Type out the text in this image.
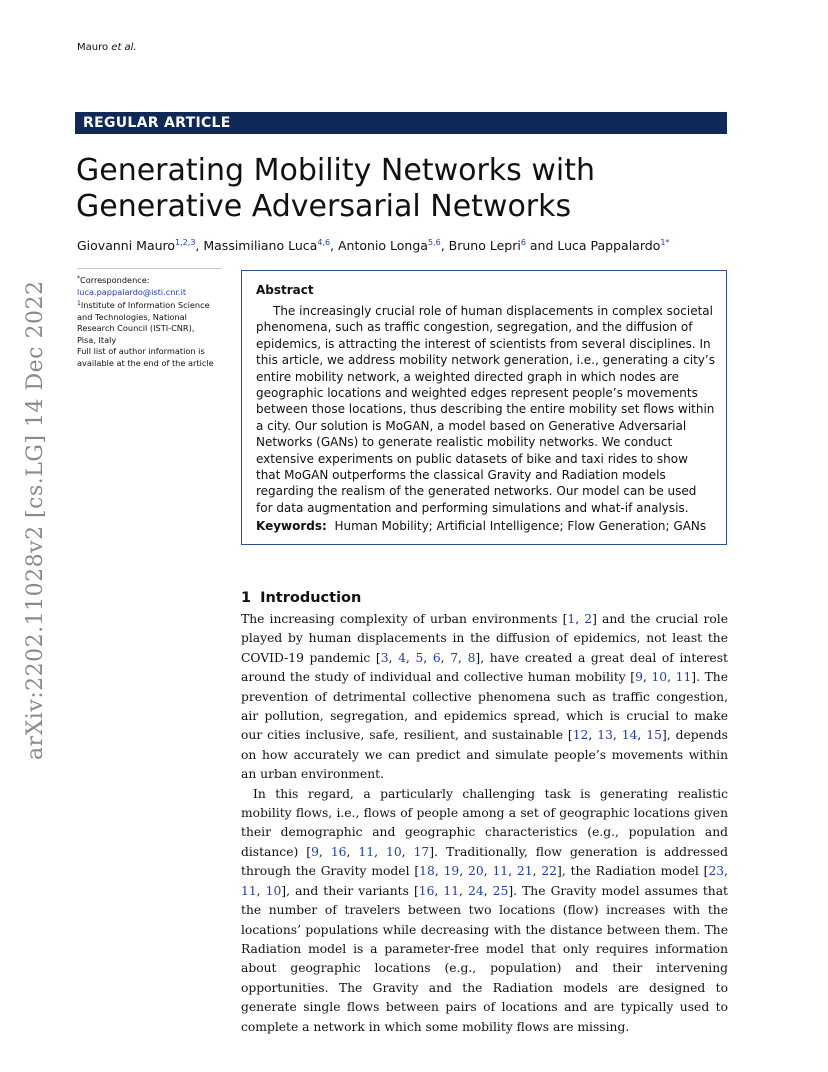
Mauro et al.
REGULAR ARTICLE
Generating Mobility Networks with Generative Adversarial Networks
Giovanni Mauro$^{1,2,3}$, Massimiliano Luca$^{4,6}$, Antonio Longa$^{5,6}$, Bruno Lepri$^6$ and Luca Pappalardo$^{1*}$
*Correspondence:
luca.pappalardo@isti.cnr.it
$^1$Institute of Information Science
and Technologies, National
Research Council (ISTI-CNR),
Pisa, Italy
Full list of author information is
available at the end of the article
arXiv:2202.11028v2 [cs.LG] 14 Dec 2022	Abstract

The increasingly crucial role of human displacements in complex societal phenomena, such as traffic congestion, segregation, and the diffusion of epidemics, is attracting the interest of scientists from several disciplines. In this article, we address mobility network generation, i.e., generating a city’s entire mobility network, a weighted directed graph in which nodes are geographic locations and weighted edges represent people’s movements between those locations, thus describing the entire mobility set flows within a city. Our solution is MoGAN, a model based on Generative Adversarial Networks (GANs) to generate realistic mobility networks. We conduct extensive experiments on public datasets of bike and taxi rides to show that MoGAN outperforms the classical Gravity and Radiation models regarding the realism of the generated networks. Our model can be used for data augmentation and performing simulations and what-if analysis.

Keywords: Human Mobility; Artificial Intelligence; Flow Generation; GANs
1 Introduction

The increasing complexity of urban environments [1, 2] and the crucial role played by human displacements in the diffusion of epidemics, not least the COVID-19 pandemic [3, 4, 5, 6, 7, 8], have created a great deal of interest around the study of individual and collective human mobility [9, 10, 11]. The prevention of detrimental collective phenomena such as traffic congestion, air pollution, segregation, and epidemics spread, which is crucial to make our cities inclusive, safe, resilient, and sustainable [12, 13, 14, 15], depends on how accurately we can predict and simulate people’s movements within an urban environment.

In this regard, a particularly challenging task is generating realistic mobility flows, i.e., flows of people among a set of geographic locations given their demographic and geographic characteristics (e.g., population and distance) [9, 16, 11, 10, 17]. Traditionally, flow generation is addressed through the Gravity model [18, 19, 20, 11, 21, 22], the Radiation model [23, 11, 10], and their variants [16, 11, 24, 25]. The Gravity model assumes that the number of travelers between two locations (flow) increases with the locations’ populations while decreasing with the distance between them. The Radiation model is a parameter-free model that only requires information about geographic locations (e.g., population) and their intervening opportunities. The Gravity and the Radiation models are designed to generate single flows between pairs of locations and are typically used to complete a network in which some mobility flows are missing.
